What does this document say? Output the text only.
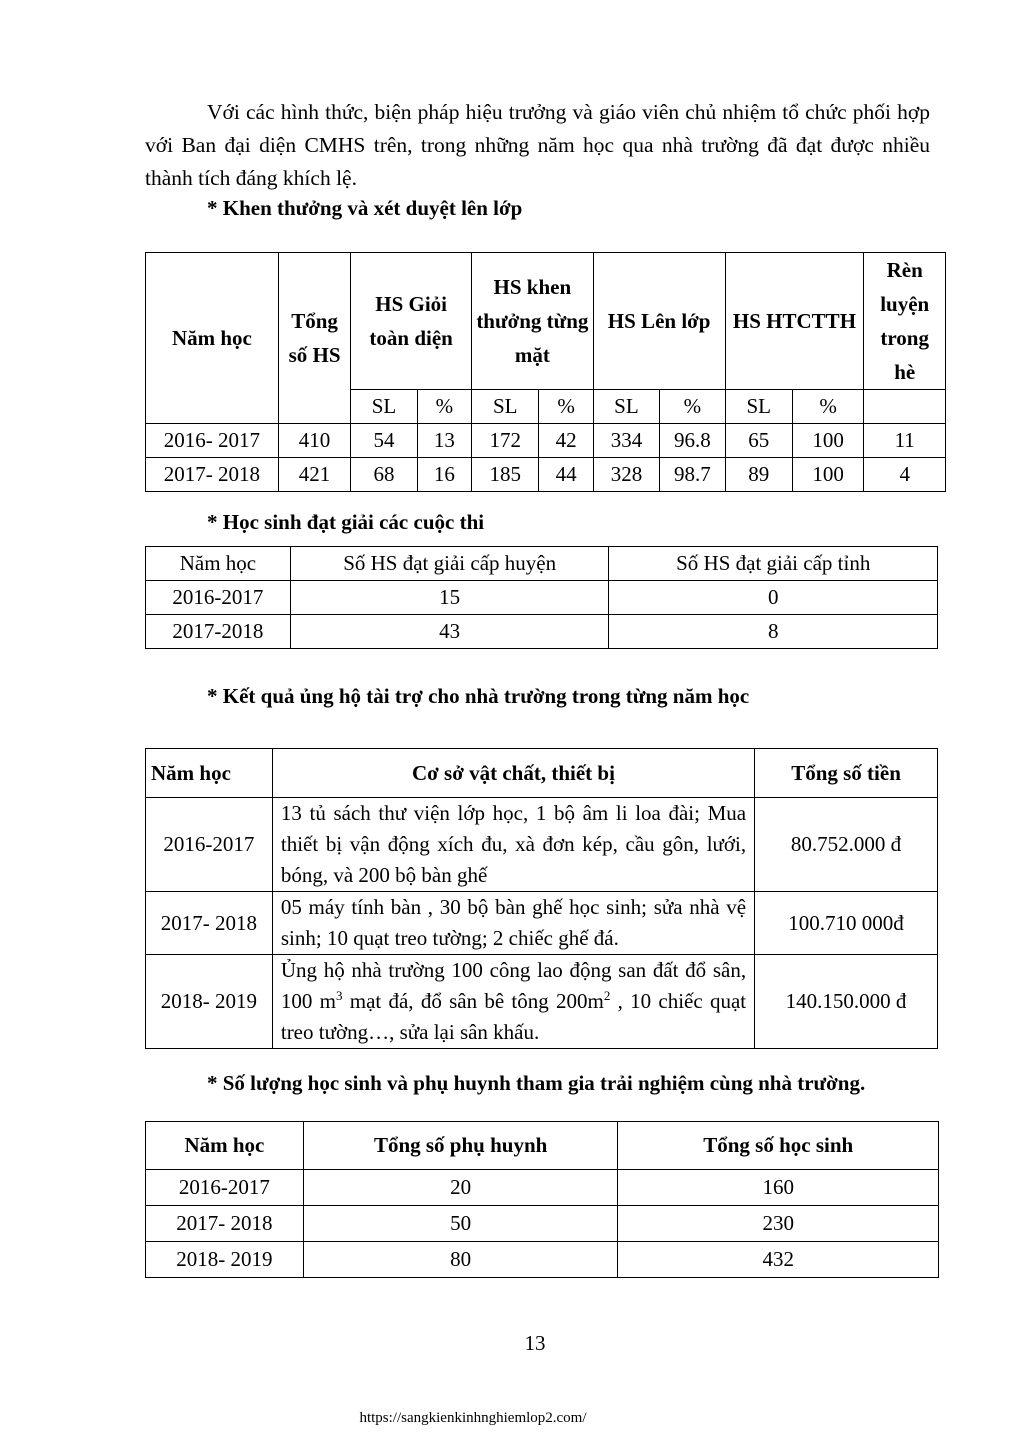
Với các hình thức, biện pháp hiệu trưởng và giáo viên chủ nhiệm tổ chức phối hợp với Ban đại diện CMHS trên, trong những năm học qua nhà trường đã đạt được nhiều thành tích đáng khích lệ.

* Khen thưởng và xét duyệt lên lớp

Năm học	Tổng số HS	HS Giỏi toàn diện		HS khen thưởng từng mặt		HS Lên lớp		HS HTCTTH		Rèn luyện trong hè
		SL	%	SL	%	SL	%	SL	%	
2016- 2017	410	54	13	172	42	334	96.8	65	100	11
2017- 2018	421	68	16	185	44	328	98.7	89	100	4

* Học sinh đạt giải các cuộc thi

Năm học	Số HS đạt giải cấp huyện	Số HS đạt giải cấp tỉnh
2016-2017	15	0
2017-2018	43	8

* Kết quả ủng hộ tài trợ cho nhà trường trong từng năm học

Năm học	Cơ sở vật chất, thiết bị	Tổng số tiền
2016-2017	13 tủ sách thư viện lớp học, 1 bộ âm li loa đài; Mua thiết bị vận động xích đu, xà đơn kép, cầu gôn, lưới, bóng, và 200 bộ bàn ghế	80.752.000 đ
2017- 2018	05 máy tính bàn , 30 bộ bàn ghế học sinh; sửa nhà vệ sinh; 10 quạt treo tường; 2 chiếc ghế đá.	100.710 000đ
2018- 2019	Ủng hộ nhà trường 100 công lao động san đất đổ sân, 100 $m^3$ mạt đá, đổ sân bê tông $200m^2$ , 10 chiếc quạt treo tường…, sửa lại sân khấu.	140.150.000 đ

* Số lượng học sinh và phụ huynh tham gia trải nghiệm cùng nhà trường.

Năm học	Tổng số phụ huynh	Tổng số học sinh
2016-2017	20	160
2017- 2018	50	230
2018- 2019	80	432
13
https://sangkienkinhnghiemlop2.com/
